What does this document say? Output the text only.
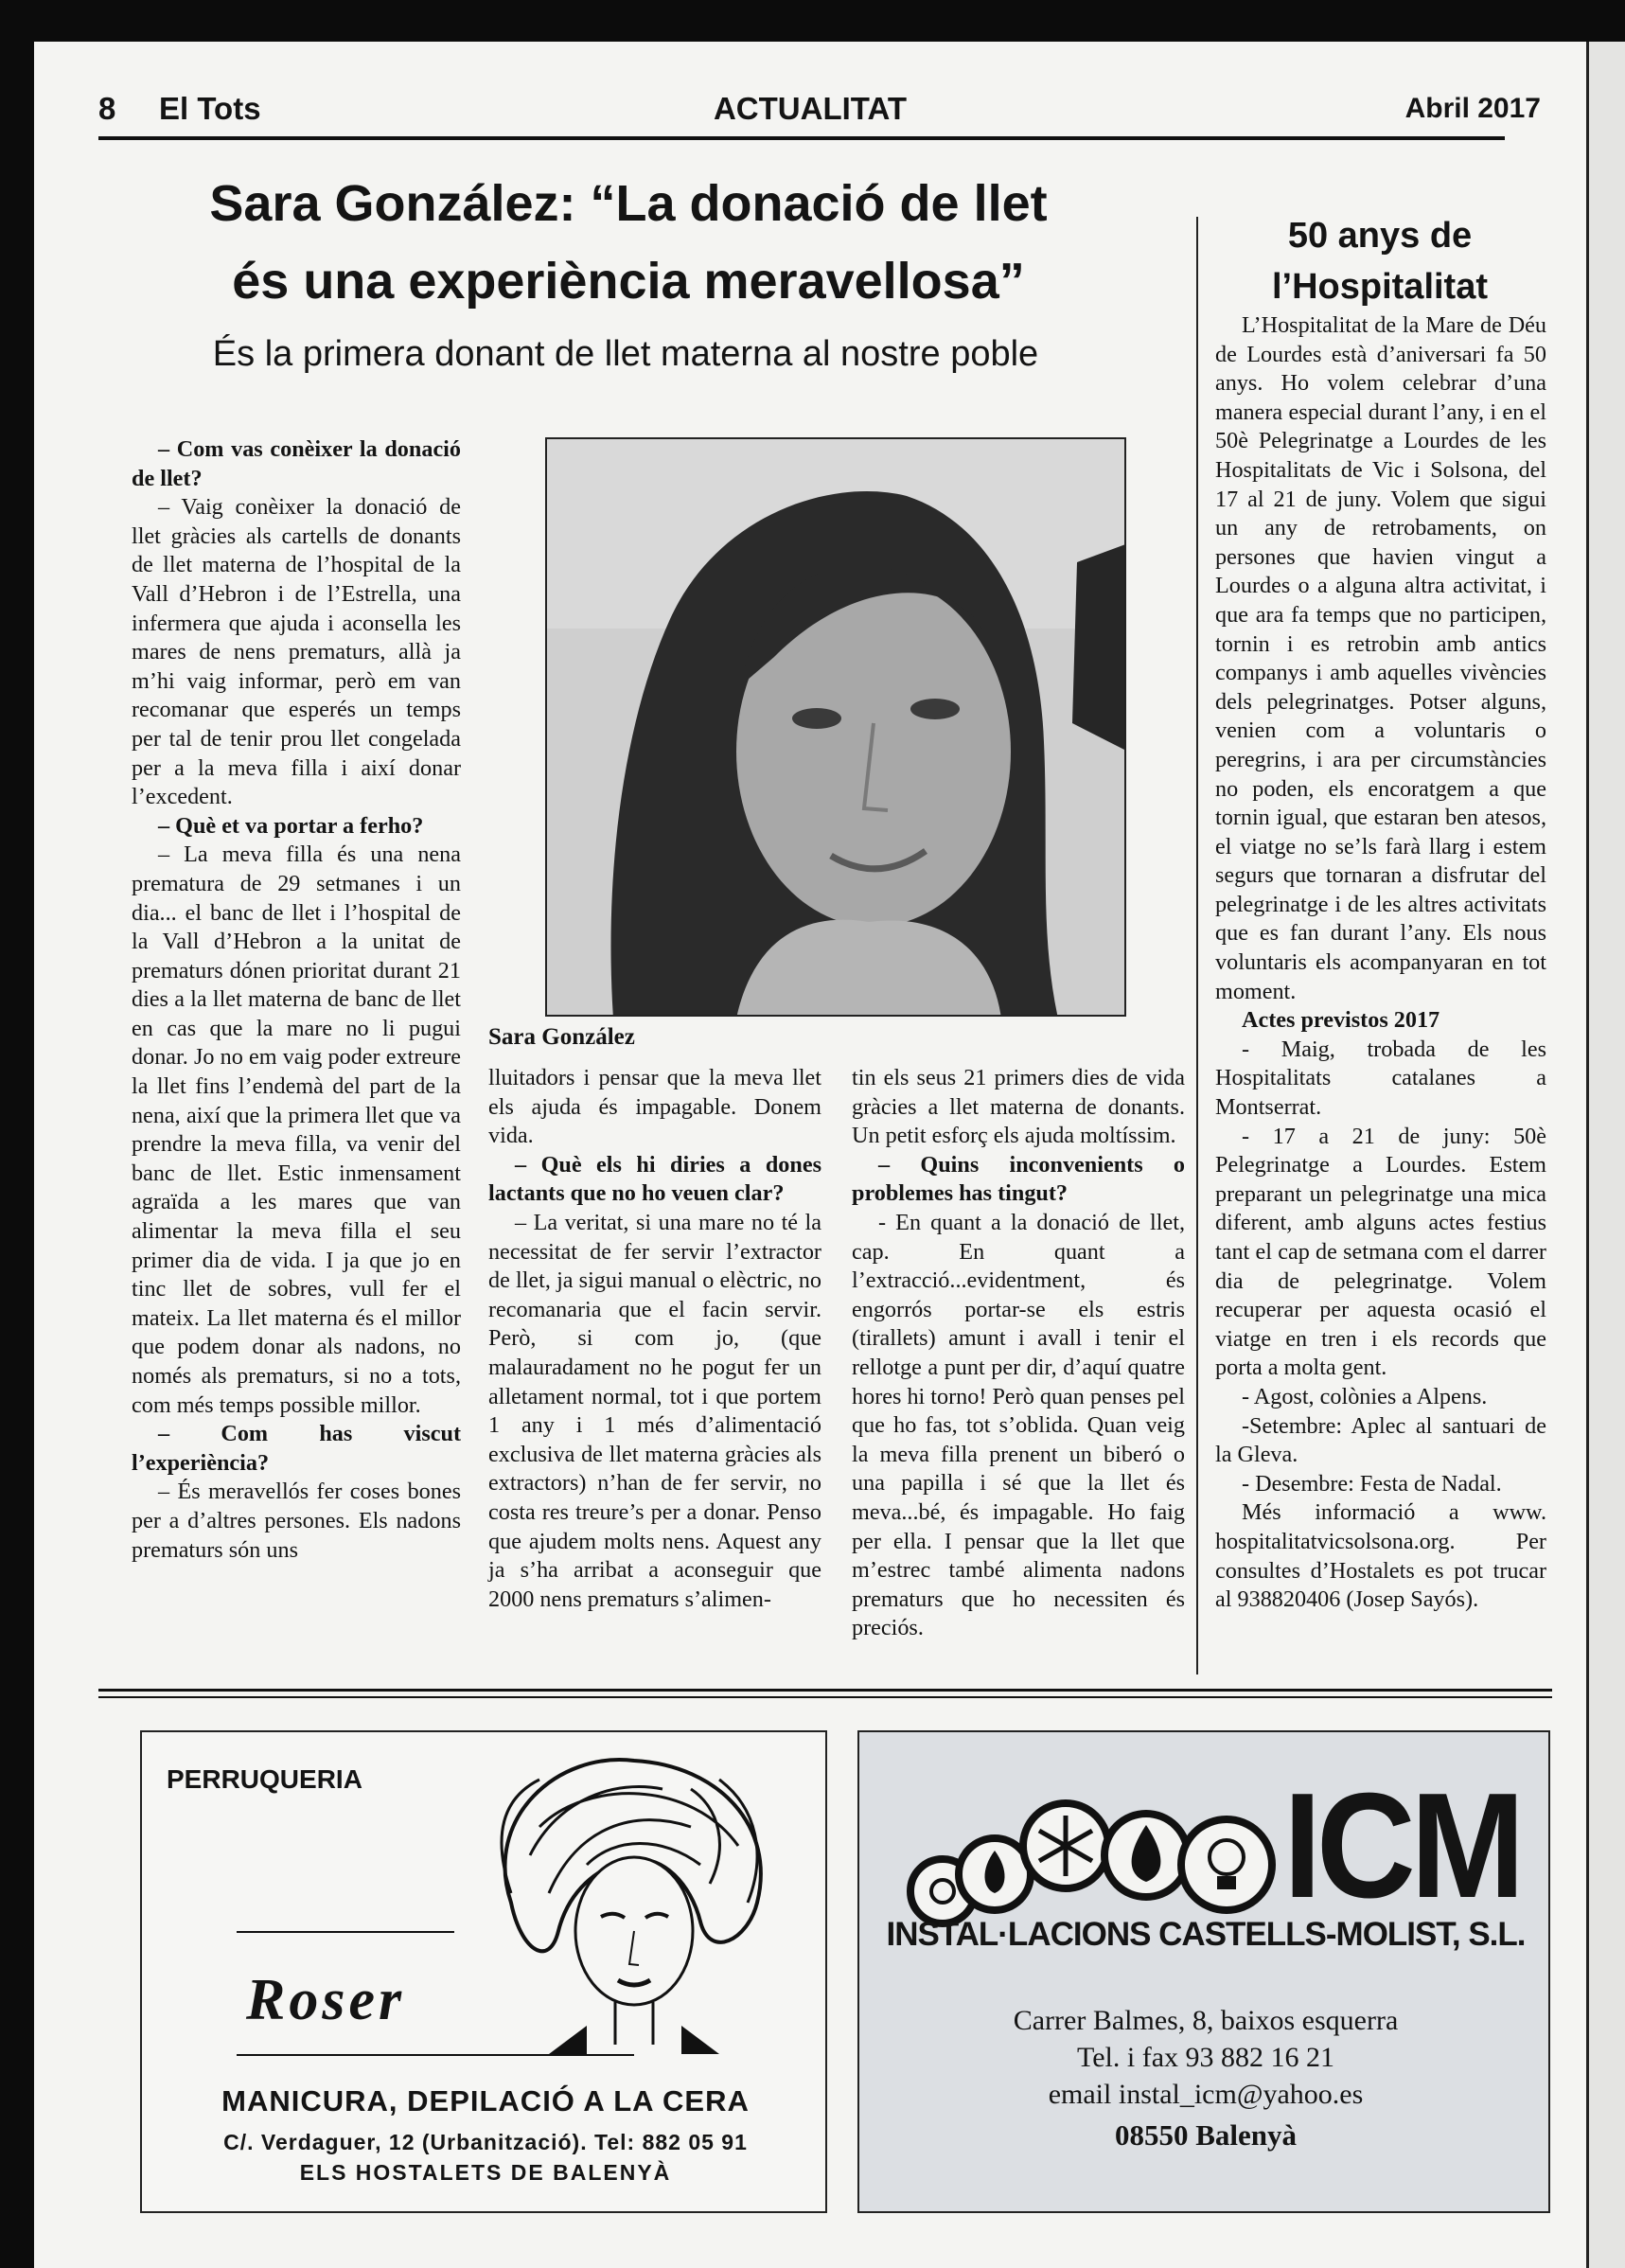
8 El Tots	ACTUALITAT	Abril 2017
Sara González: “La donació de llet
és una experiència meravellosa”
És la primera donant de llet materna al nostre poble

– Com vas conèixer la donació de llet?

– Vaig conèixer la donació de llet gràcies als cartells de donants de llet materna de l’hospital de la Vall d’Hebron i de l’Estrella, una infermera que ajuda i aconsella les mares de nens prematurs, allà ja m’hi vaig informar, però em van recomanar que esperés un temps per tal de tenir prou llet congelada per a la meva filla i així donar l’excedent.

– Què et va portar a ferho?

– La meva filla és una nena prematura de 29 setmanes i un dia... el banc de llet i l’hospital de la Vall d’Hebron a la unitat de prematurs dónen prioritat durant 21 dies a la llet materna de banc de llet en cas que la mare no li pugui donar. Jo no em vaig poder extreure la llet fins l’endemà del part de la nena, així que la primera llet que va prendre la meva filla, va venir del banc de llet. Estic inmensament agraïda a les mares que van alimentar la meva filla el seu primer dia de vida. I ja que jo en tinc llet de sobres, vull fer el mateix. La llet materna és el millor que podem donar als nadons, no només als prematurs, si no a tots, com més temps possible millor.

– Com has viscut l’experiència?

– És meravellós fer coses bones per a d’altres persones. Els nadons prematurs són uns

Sara González

lluitadors i pensar que la meva llet els ajuda és impagable. Donem vida.

– Què els hi diries a dones lactants que no ho veuen clar?

– La veritat, si una mare no té la necessitat de fer servir l’extractor de llet, ja sigui manual o elèctric, no recomanaria que el facin servir. Però, si com jo, (que malauradament no he pogut fer un alletament normal, tot i que portem 1 any i 1 més d’alimentació exclusiva de llet materna gràcies als extractors) n’han de fer servir, no costa res treure’s per a donar. Penso que ajudem molts nens. Aquest any ja s’ha arribat a aconseguir que 2000 nens prematurs s’alimen-

tin els seus 21 primers dies de vida gràcies a llet materna de donants. Un petit esforç els ajuda moltíssim.

– Quins inconvenients o problemes has tingut?

- En quant a la donació de llet, cap. En quant a l’extracció...evidentment, és engorrós portar-se els estris (tirallets) amunt i avall i tenir el rellotge a punt per dir, d’aquí quatre hores hi torno! Però quan penses pel que ho fas, tot s’oblida. Quan veig la meva filla prenent un biberó o una papilla i sé que la llet és meva...bé, és impagable. Ho faig per ella. I pensar que la llet que m’estrec també alimenta nadons prematurs que ho necessiten és preciós.

50 anys de
l’Hospitalitat

L’Hospitalitat de la Mare de Déu de Lourdes està d’aniversari fa 50 anys. Ho volem celebrar d’una manera especial durant l’any, i en el 50è Pelegrinatge a Lourdes de les Hospitalitats de Vic i Solsona, del 17 al 21 de juny. Volem que sigui un any de retrobaments, on persones que havien vingut a Lourdes o a alguna altra activitat, i que ara fa temps que no participen, tornin i es retrobin amb antics companys i amb aquelles vivències dels pelegrinatges. Potser alguns, venien com a voluntaris o peregrins, i ara per circumstàncies no poden, els encoratgem a que tornin igual, que estaran ben atesos, el viatge no se’ls farà llarg i estem segurs que tornaran a disfrutar del pelegrinatge i de les altres activitats que es fan durant l’any. Els nous voluntaris els acompanyaran en tot moment.

Actes previstos 2017

- Maig, trobada de les Hospitalitats catalanes a Montserrat.

- 17 a 21 de juny: 50è Pelegrinatge a Lourdes. Estem preparant un pelegrinatge una mica diferent, amb alguns actes festius tant el cap de setmana com el darrer dia de pelegrinatge. Volem recuperar per aquesta ocasió el viatge en tren i els records que porta a molta gent.

- Agost, colònies a Alpens.

-Setembre: Aplec al santuari de la Gleva.

- Desembre: Festa de Nadal.

Més informació a www. hospitalitatvicsolsona.org. Per consultes d’Hostalets es pot trucar al 938820406 (Josep Sayós).

PERRUQUERIA
Roser
MANICURA, DEPILACIÓ A LA CERA
C/. Verdaguer, 12 (Urbanització). Tel: 882 05 91
ELS HOSTALETS DE BALENYÀ
ICM
INSTAL·LACIONS CASTELLS-MOLIST, S.L.
Carrer Balmes, 8, baixos esquerra
Tel. i fax 93 882 16 21
email instal_icm@yahoo.es
08550 Balenyà
